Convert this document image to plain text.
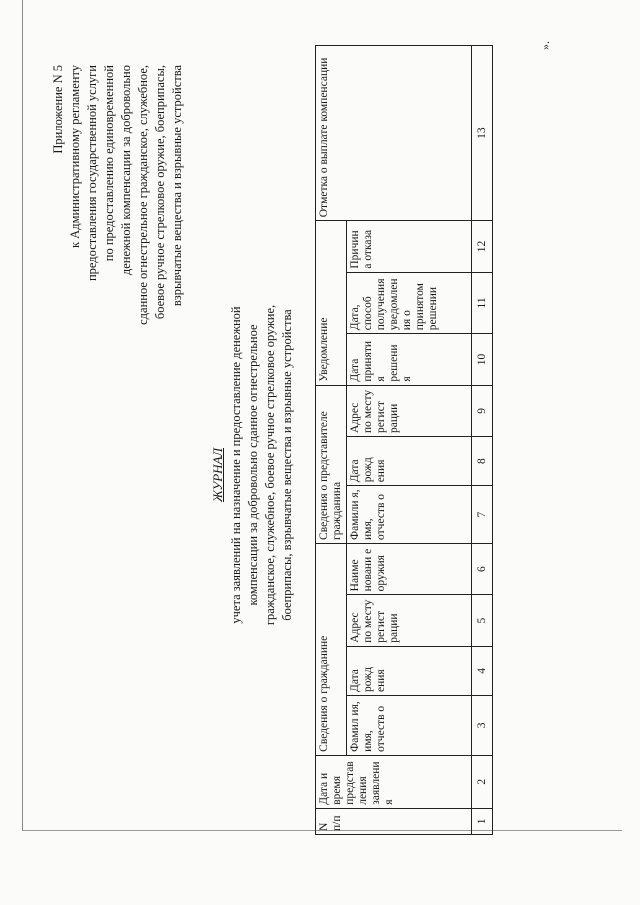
Приложение N 5 к Административному регламенту предоставления государственной услуги по предоставлению единовременной денежной компенсации за добровольно сданное огнестрельное гражданское, служебное, боевое ручное стрелковое оружие, боеприпасы, взрывчатые вещества и взрывные устройства
ЖУРНАЛ учета заявлений на назначение и предоставление денежной компенсации за добровольно сданное огнестрельное гражданское, служебное, боевое ручное стрелковое оружие, боеприпасы, взрывчатые вещества и взрывные устройства
N п/п	Дата и время представ ления заявлени я	Сведения о гражданине				Сведения о представителе гражданина			Уведомление			Отметка о выплате компенсации
		Фамил ия, имя, отчеств о	Дата рожд ения	Адрес по месту регист рации	Наиме новани е оружия	Фамили я, имя, отчеств о	Дата рожд ения	Адрес по месту регист рации	Дата приняти я решени я	Дата, способ получения уведомлен ия о принятом решении	Причин а отказа	
1	2	3	4	5	6	7	8	9	10	11	12	13
».
